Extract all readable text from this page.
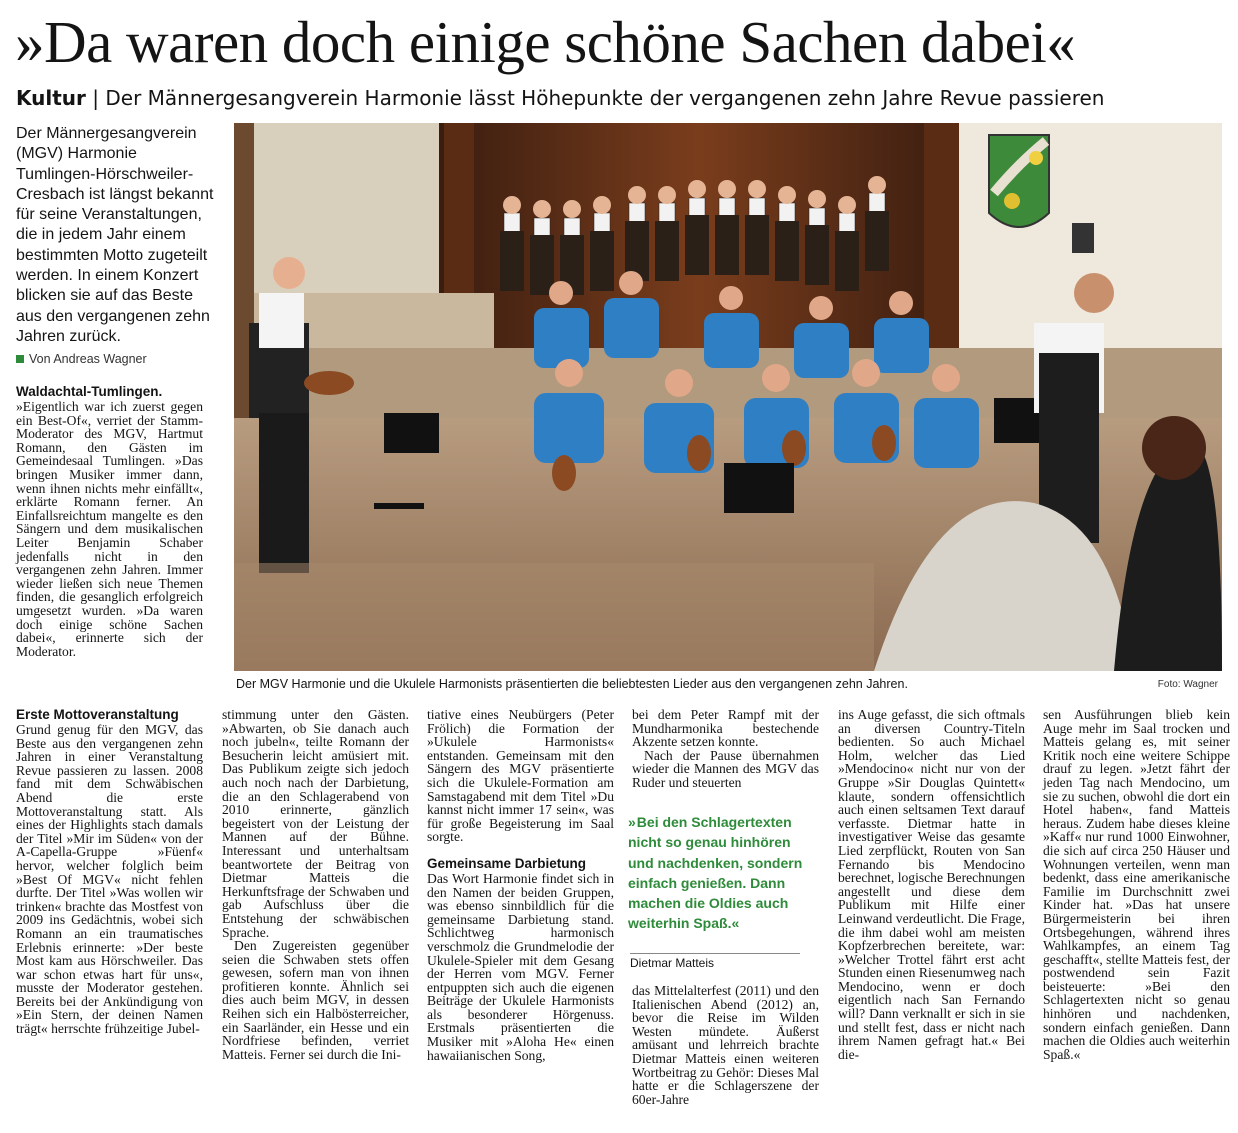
»Da waren doch einige schöne Sachen dabei«
Kultur | Der Männergesangverein Harmonie lässt Höhepunkte der vergangenen zehn Jahre Revue passieren
Der Männergesangverein (MGV) Harmonie Tumlingen-Hörschweiler-Cresbach ist längst bekannt für seine Veranstaltungen, die in jedem Jahr einem bestimmten Motto zugeteilt werden. In einem Konzert blicken sie auf das Beste aus den vergangenen zehn Jahren zurück.
Von Andreas Wagner

Waldachtal-Tumlingen.

»Eigentlich war ich zuerst gegen ein Best-Of«, verriet der Stamm-Moderator des MGV, Hartmut Romann, den Gästen im Gemeindesaal Tumlingen. »Das bringen Musiker immer dann, wenn ihnen nichts mehr einfällt«, erklärte Romann ferner. An Einfallsreichtum mangelte es den Sängern und dem musikalischen Leiter Benjamin Schaber jedenfalls nicht in den vergangenen zehn Jahren. Immer wieder ließen sich neue Themen finden, die gesanglich erfolgreich umgesetzt wurden. »Da waren doch einige schöne Sachen dabei«, erinnerte sich der Moderator.

Der MGV Harmonie und die Ukulele Harmonists präsentierten die beliebtesten Lieder aus den vergangenen zehn Jahren.	Foto: Wagner

Erste Mottoveranstaltung

Grund genug für den MGV, das Beste aus den vergangenen zehn Jahren in einer Veranstaltung Revue passieren zu lassen. 2008 fand mit dem Schwäbischen Abend die erste Mottoveranstaltung statt. Als eines der Highlights stach damals der Titel »Mir im Süden« von der A-Capella-Gruppe »Füenf« hervor, welcher folglich beim »Best Of MGV« nicht fehlen durfte. Der Titel »Was wollen wir trinken« brachte das Mostfest von 2009 ins Gedächtnis, wobei sich Romann an ein traumatisches Erlebnis erinnerte: »Der beste Most kam aus Hörschweiler. Das war schon etwas hart für uns«, musste der Moderator gestehen. Bereits bei der Ankündigung von »Ein Stern, der deinen Namen trägt« herrschte frühzeitige Jubel-

stimmung unter den Gästen. »Abwarten, ob Sie danach auch noch jubeln«, teilte Romann der Besucherin leicht amüsiert mit. Das Publikum zeigte sich jedoch auch noch nach der Darbietung, die an den Schlagerabend von 2010 erinnerte, gänzlich begeistert von der Leistung der Mannen auf der Bühne. Interessant und unterhaltsam beantwortete der Beitrag von Dietmar Matteis die Herkunftsfrage der Schwaben und gab Aufschluss über die Entstehung der schwäbischen Sprache.

Den Zugereisten gegenüber seien die Schwaben stets offen gewesen, sofern man von ihnen profitieren konnte. Ähnlich sei dies auch beim MGV, in dessen Reihen sich ein Halbösterreicher, ein Saarländer, ein Hesse und ein Nordfriese befinden, verriet Matteis. Ferner sei durch die Ini-

tiative eines Neubürgers (Peter Frölich) die Formation der »Ukulele Harmonists« entstanden. Gemeinsam mit den Sängern des MGV präsentierte sich die Ukulele-Formation am Samstagabend mit dem Titel »Du kannst nicht immer 17 sein«, was für große Begeisterung im Saal sorgte.

Gemeinsame Darbietung

Das Wort Harmonie findet sich in den Namen der beiden Gruppen, was ebenso sinnbildlich für die gemeinsame Darbietung stand. Schlichtweg harmonisch verschmolz die Grundmelodie der Ukulele-Spieler mit dem Gesang der Herren vom MGV. Ferner entpuppten sich auch die eigenen Beiträge der Ukulele Harmonists als besonderer Hörgenuss. Erstmals präsentierten die Musiker mit »Aloha He« einen hawaiianischen Song,

bei dem Peter Rampf mit der Mundharmonika bestechende Akzente setzen konnte.

Nach der Pause übernahmen wieder die Mannen des MGV das Ruder und steuerten

» Bei den Schlagertexten nicht so genau hinhören und nachdenken, sondern einfach genießen. Dann machen die Oldies auch weiterhin Spaß.«
Dietmar Matteis

das Mittelalterfest (2011) und den Italienischen Abend (2012) an, bevor die Reise im Wilden Westen mündete. Äußerst amüsant und lehrreich brachte Dietmar Matteis einen weiteren Wortbeitrag zu Gehör: Dieses Mal hatte er die Schlagerszene der 60er-Jahre

ins Auge gefasst, die sich oftmals an diversen Country-Titeln bedienten. So auch Michael Holm, welcher das Lied »Mendocino« nicht nur von der Gruppe »Sir Douglas Quintett« klaute, sondern offensichtlich auch einen seltsamen Text darauf verfasste. Dietmar hatte in investigativer Weise das gesamte Lied zerpflückt, Routen von San Fernando bis Mendocino berechnet, logische Berechnungen angestellt und diese dem Publikum mit Hilfe einer Leinwand verdeutlicht. Die Frage, die ihm dabei wohl am meisten Kopfzerbrechen bereitete, war: »Welcher Trottel fährt erst acht Stunden einen Riesenumweg nach Mendocino, wenn er doch eigentlich nach San Fernando will? Dann verknallt er sich in sie und stellt fest, dass er nicht nach ihrem Namen gefragt hat.« Bei die-

sen Ausführungen blieb kein Auge mehr im Saal trocken und Matteis gelang es, mit seiner Kritik noch eine weitere Schippe drauf zu legen. »Jetzt fährt der jeden Tag nach Mendocino, um sie zu suchen, obwohl die dort ein Hotel haben«, fand Matteis heraus. Zudem habe dieses kleine »Kaff« nur rund 1000 Einwohner, die sich auf circa 250 Häuser und Wohnungen verteilen, wenn man bedenkt, dass eine amerikanische Familie im Durchschnitt zwei Kinder hat. »Das hat unsere Bürgermeisterin bei ihren Ortsbegehungen, während ihres Wahlkampfes, an einem Tag geschafft«, stellte Matteis fest, der postwendend sein Fazit beisteuerte: »Bei den Schlagertexten nicht so genau hinhören und nachdenken, sondern einfach genießen. Dann machen die Oldies auch weiterhin Spaß.«
